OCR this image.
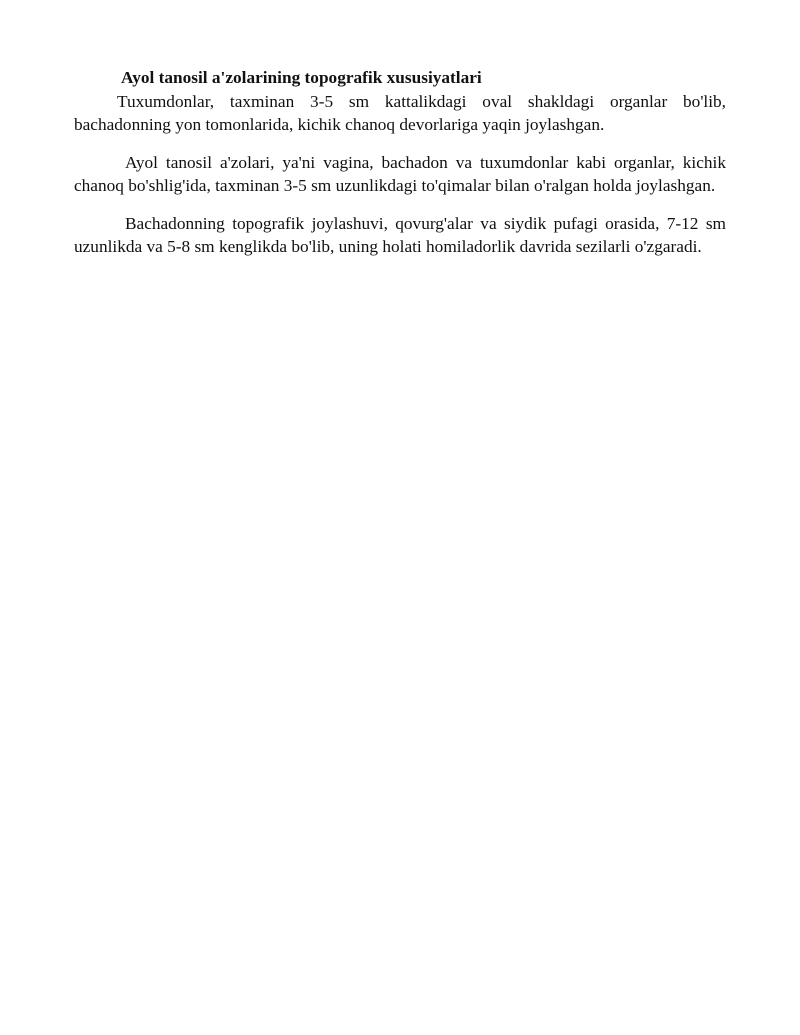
Ayol tanosil a'zolarining topografik xususiyatlari

Tuxumdonlar, taxminan 3-5 sm kattalikdagi oval shakldagi organlar bo'lib, bachadonning yon tomonlarida, kichik chanoq devorlariga yaqin joylashgan.

Ayol tanosil a'zolari, ya'ni vagina, bachadon va tuxumdonlar kabi organlar, kichik chanoq bo'shlig'ida, taxminan 3-5 sm uzunlikdagi to'qimalar bilan o'ralgan holda joylashgan.

Bachadonning topografik joylashuvi, qovurg'alar va siydik pufagi orasida, 7-12 sm uzunlikda va 5-8 sm kenglikda bo'lib, uning holati homiladorlik davrida sezilarli o'zgaradi.
